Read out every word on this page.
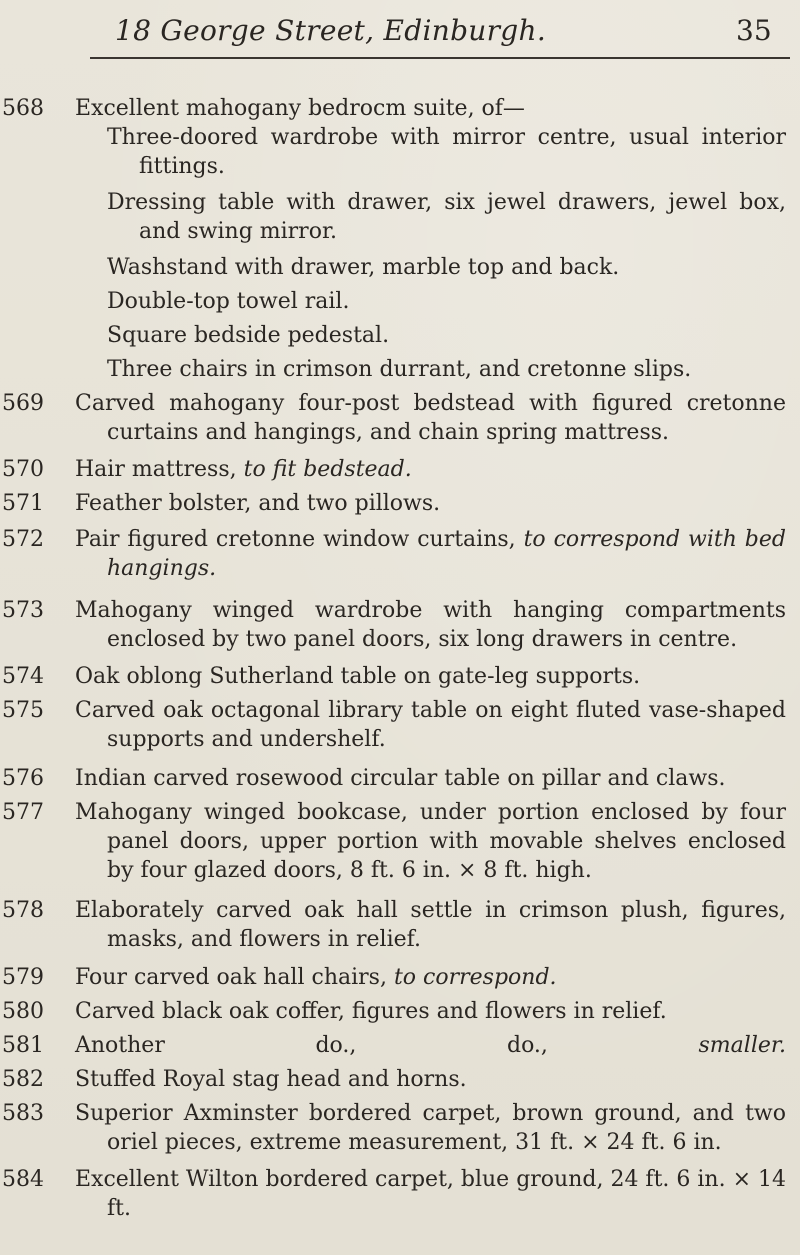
18 George Street, Edinburgh.	35
568	Excellent mahogany bedrocm suite, of—
Three-doored wardrobe with mirror centre, usual interior fittings.
Dressing table with drawer, six jewel drawers, jewel box, and swing mirror.
Washstand with drawer, marble top and back.
Double-top towel rail.
Square bedside pedestal.
Three chairs in crimson durrant, and cretonne slips.
569	Carved mahogany four-post bedstead with figured cretonne curtains and hangings, and chain spring mattress.
570	Hair mattress, to fit bedstead.
571	Feather bolster, and two pillows.
572	Pair figured cretonne window curtains, to correspond with bed hangings.
573	Mahogany winged wardrobe with hanging compartments enclosed by two panel doors, six long drawers in centre.
574	Oak oblong Sutherland table on gate-leg supports.
575	Carved oak octagonal library table on eight fluted vase-shaped supports and undershelf.
576	Indian carved rosewood circular table on pillar and claws.
577	Mahogany winged bookcase, under portion enclosed by four panel doors, upper portion with movable shelves enclosed by four glazed doors, 8 ft. 6 in. × 8 ft. high.
578	Elaborately carved oak hall settle in crimson plush, figures, masks, and flowers in relief.
579	Four carved oak hall chairs, to correspond.
580	Carved black oak coffer, figures and flowers in relief.
581	Another	do.,	do.,	smaller.
582	Stuffed Royal stag head and horns.
583	Superior Axminster bordered carpet, brown ground, and two oriel pieces, extreme measurement, 31 ft. × 24 ft. 6 in.
584	Excellent Wilton bordered carpet, blue ground, 24 ft. 6 in. × 14 ft.
